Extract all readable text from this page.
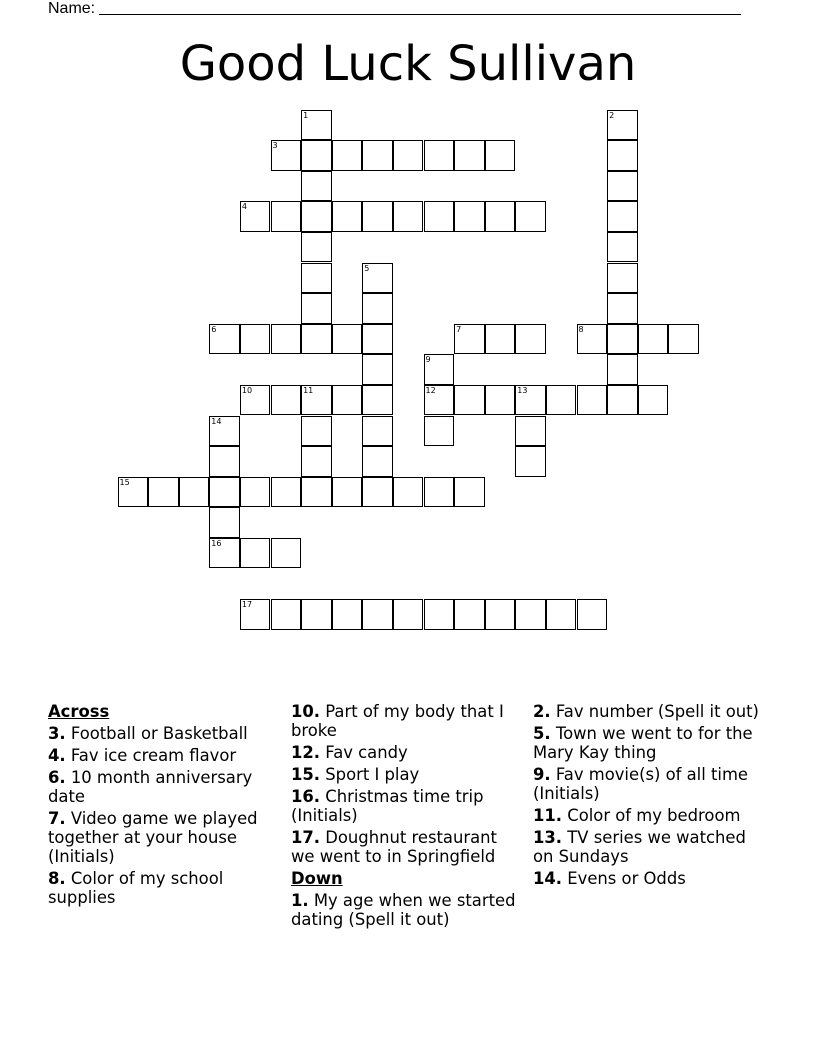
Name:
Good Luck Sullivan
1	2
3
4
5
6	7	8
9
12
10	11	13
14
16
15
17
Across
3. Football or Basketball
4. Fav ice cream flavor
6. 10 month anniversary date
7. Video game we played together at your house (Initials)
8. Color of my school supplies
10. Part of my body that I broke
12. Fav candy
15. Sport I play
16. Christmas time trip (Initials)
17. Doughnut restaurant we went to in Springfield
Down
1. My age when we started dating (Spell it out)
2. Fav number (Spell it out)
5. Town we went to for the Mary Kay thing
9. Fav movie(s) of all time (Initials)
11. Color of my bedroom
13. TV series we watched on Sundays
14. Evens or Odds
